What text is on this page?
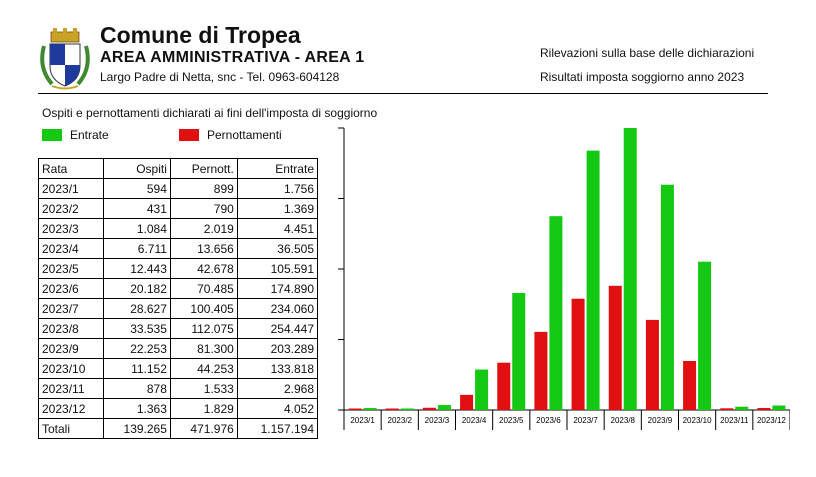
Comune di Tropea
AREA AMMINISTRATIVA - AREA 1
Largo Padre di Netta, snc - Tel. 0963-604128
Rilevazioni sulla base delle dichiarazioni
Risultati imposta soggiorno anno 2023
Ospiti e pernottamenti dichiarati ai fini dell'imposta di soggiorno
Entrate	Pernottamenti
Rata	Ospiti	Pernott.	Entrate
2023/1	594	899	1.756
2023/2	431	790	1.369
2023/3	1.084	2.019	4.451
2023/4	6.711	13.656	36.505
2023/5	12.443	42.678	105.591
2023/6	20.182	70.485	174.890
2023/7	28.627	100.405	234.060
2023/8	33.535	112.075	254.447
2023/9	22.253	81.300	203.289
2023/10	11.152	44.253	133.818
2023/11	878	1.533	2.968
2023/12	1.363	1.829	4.052
Totali	139.265	471.976	1.157.194
2023/1 2023/2 2023/3 2023/4 2023/5 2023/6 2023/7 2023/8 2023/9 2023/10 2023/11 2023/12
